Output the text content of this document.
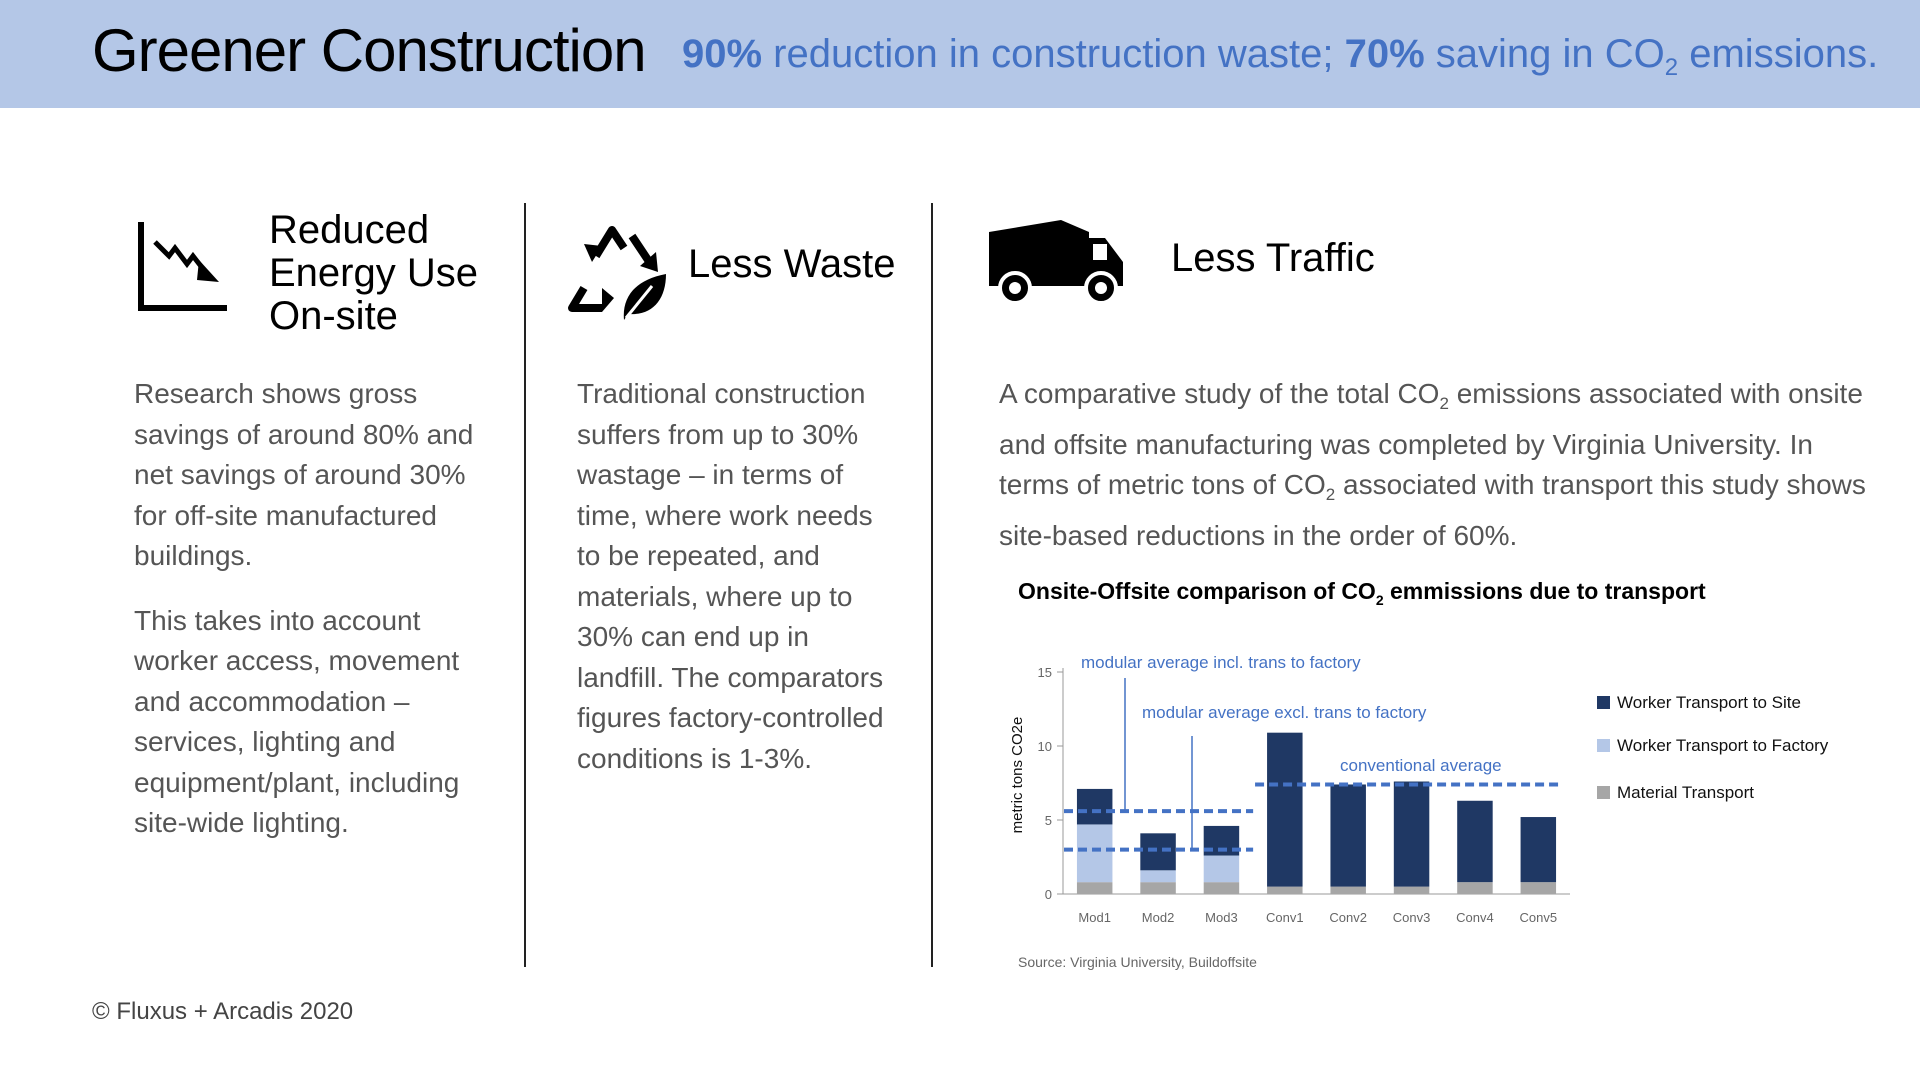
Greener Construction 90% reduction in construction waste; 70% saving in $CO_2$ emissions.
Reduced
Energy Use
On-site

Research shows gross savings of around 80% and net savings of around 30% for off-site manufactured buildings.

This takes into account worker access, movement and accommodation – services, lighting and equipment/plant, including site-wide lighting.

Less Waste

Traditional construction suffers from up to 30% wastage – in terms of time, where work needs to be repeated, and materials, where up to 30% can end up in landfill. The comparators figures factory-controlled conditions is 1-3%.

Less Traffic

A comparative study of the total $CO_2$ emissions associated with onsite and offsite manufacturing was completed by Virginia University. In terms of metric tons of $CO_2$ associated with transport this study shows site-based reductions in the order of 60%.

Onsite-Offsite comparison of $CO_2$ emmissions due to transport
0
5
10
15
metric tons CO2e
Mod1 Mod2 Mod3 Conv1 Conv2 Conv3 Conv4 Conv5
modular average incl. trans to factory
modular average excl. trans to factory
conventional average
Worker Transport to Site
Worker Transport to Factory
Material Transport
Source: Virginia University, Buildoffsite
© Fluxus + Arcadis 2020
